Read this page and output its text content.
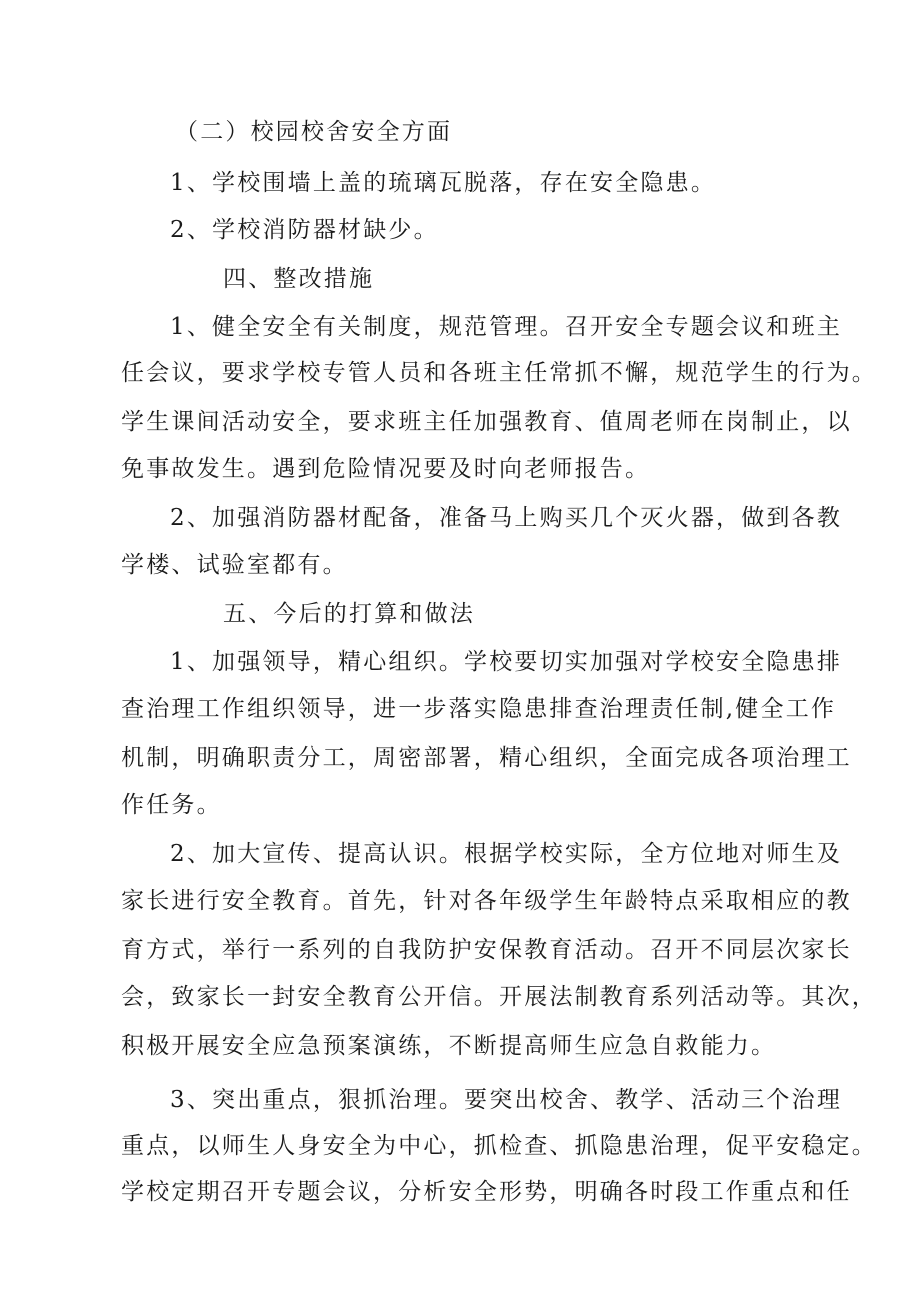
（二）校园校舍安全方面
1、学校围墙上盖的琉璃瓦脱落，存在安全隐患。
2、学校消防器材缺少。
四、整改措施
1、健全安全有关制度，规范管理。召开安全专题会议和班主
任会议，要求学校专管人员和各班主任常抓不懈，规范学生的行为。
学生课间活动安全，要求班主任加强教育、值周老师在岗制止，以
免事故发生。遇到危险情况要及时向老师报告。
2、加强消防器材配备，准备马上购买几个灭火器，做到各教
学楼、试验室都有。
五、今后的打算和做法
1、加强领导，精心组织。学校要切实加强对学校安全隐患排
查治理工作组织领导，进一步落实隐患排查治理责任制,健全工作
机制，明确职责分工，周密部署，精心组织，全面完成各项治理工
作任务。
2、加大宣传、提高认识。根据学校实际，全方位地对师生及
家长进行安全教育。首先，针对各年级学生年龄特点采取相应的教
育方式，举行一系列的自我防护安保教育活动。召开不同层次家长
会，致家长一封安全教育公开信。开展法制教育系列活动等。其次，
积极开展安全应急预案演练，不断提高师生应急自救能力。
3、突出重点，狠抓治理。要突出校舍、教学、活动三个治理
重点，以师生人身安全为中心，抓检查、抓隐患治理，促平安稳定。
学校定期召开专题会议，分析安全形势，明确各时段工作重点和任
